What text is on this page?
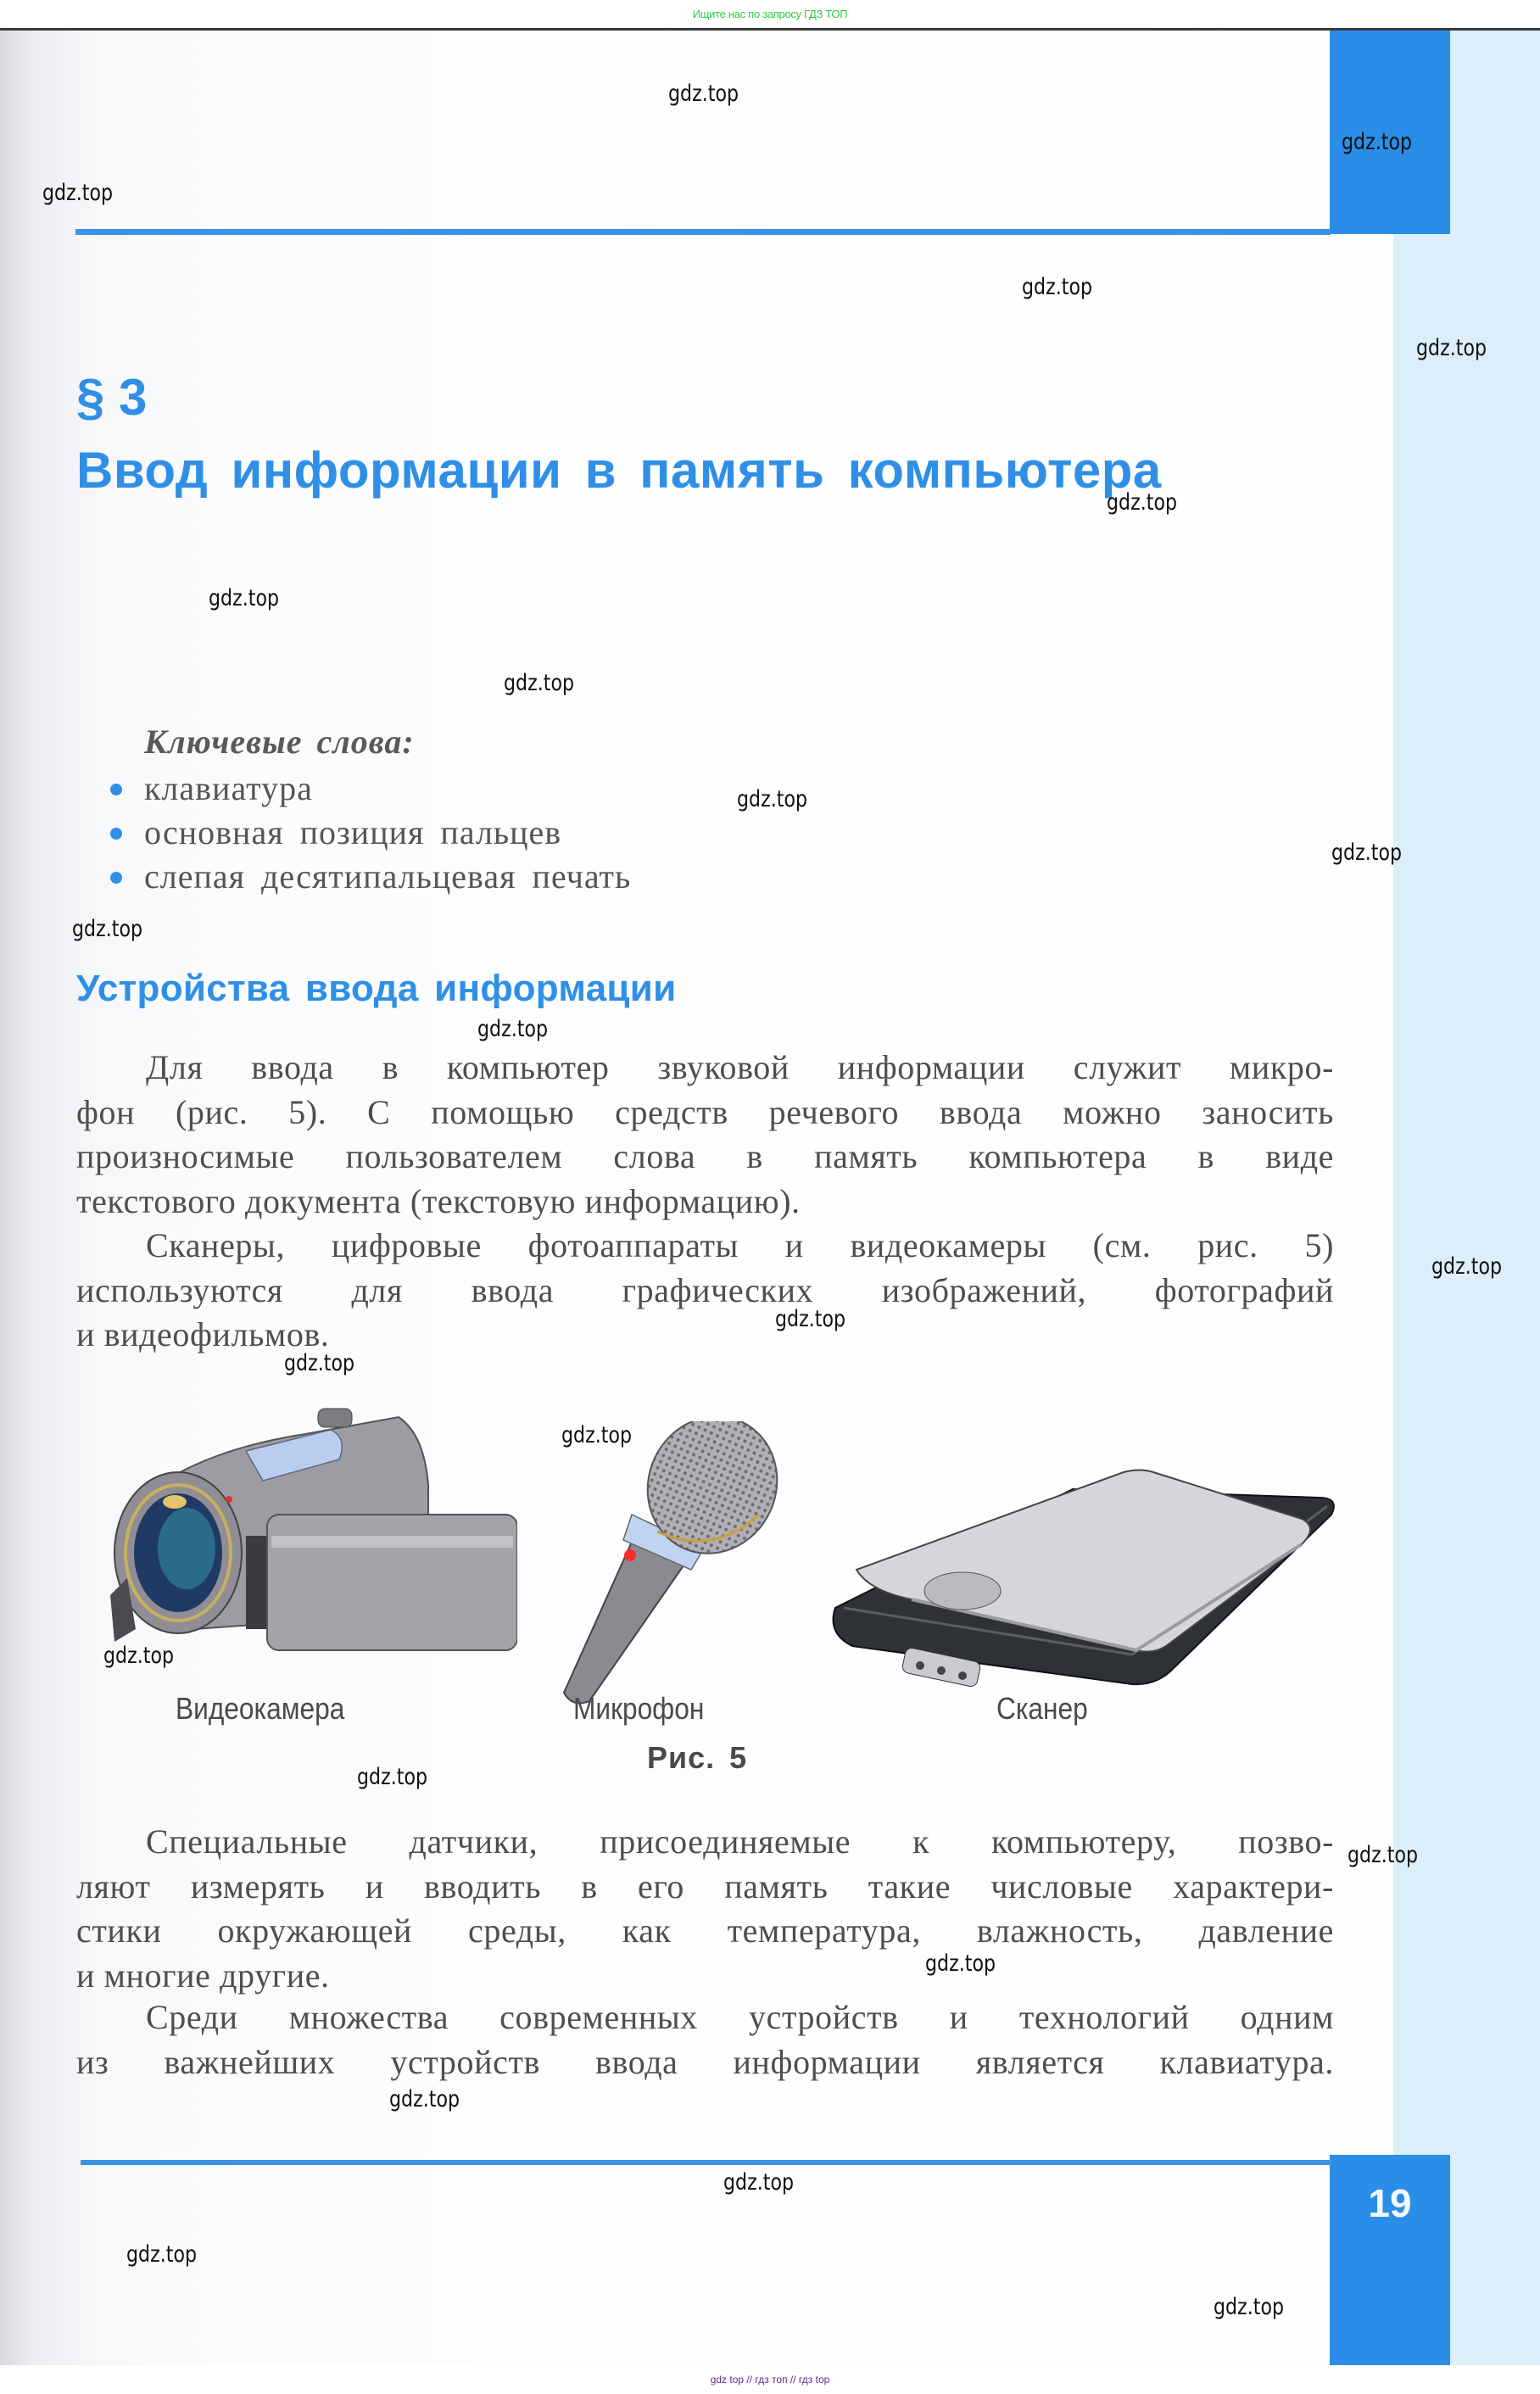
Ищите нас по запросу ГДЗ ТОП
19
§ 3
Ввод информации в память компьютера
Ключевые слова:
клавиатура
основная позиция пальцев
слепая десятипальцевая печать
Устройства ввода информации
Для ввода в компьютер звуковой информации служит микро-
фон (рис. 5). С помощью средств речевого ввода можно заносить
произносимые пользователем слова в память компьютера в виде
текстового документа (текстовую информацию).
Сканеры, цифровые фотоаппараты и видеокамеры (см. рис. 5)
используются для ввода графических изображений, фотографий
и видеофильмов.
Видеокамера	Микрофон	Сканер
Рис. 5
Специальные датчики, присоединяемые к компьютеру, позво-
ляют измерять и вводить в его память такие числовые характери-
стики окружающей среды, как температура, влажность, давление
и многие другие.
Среди множества современных устройств и технологий одним
из важнейших устройств ввода информации является клавиатура.
gdz.top
gdz.top
gdz.top
gdz.top
gdz.top
gdz.top
gdz.top
gdz.top
gdz.top
gdz.top
gdz.top
gdz.top
gdz.top
gdz.top
gdz.top
gdz.top
gdz.top
gdz.top
gdz.top
gdz.top
gdz.top
gdz.top
gdz.top
gdz.top
gdz top // гдз топ // гдз top
